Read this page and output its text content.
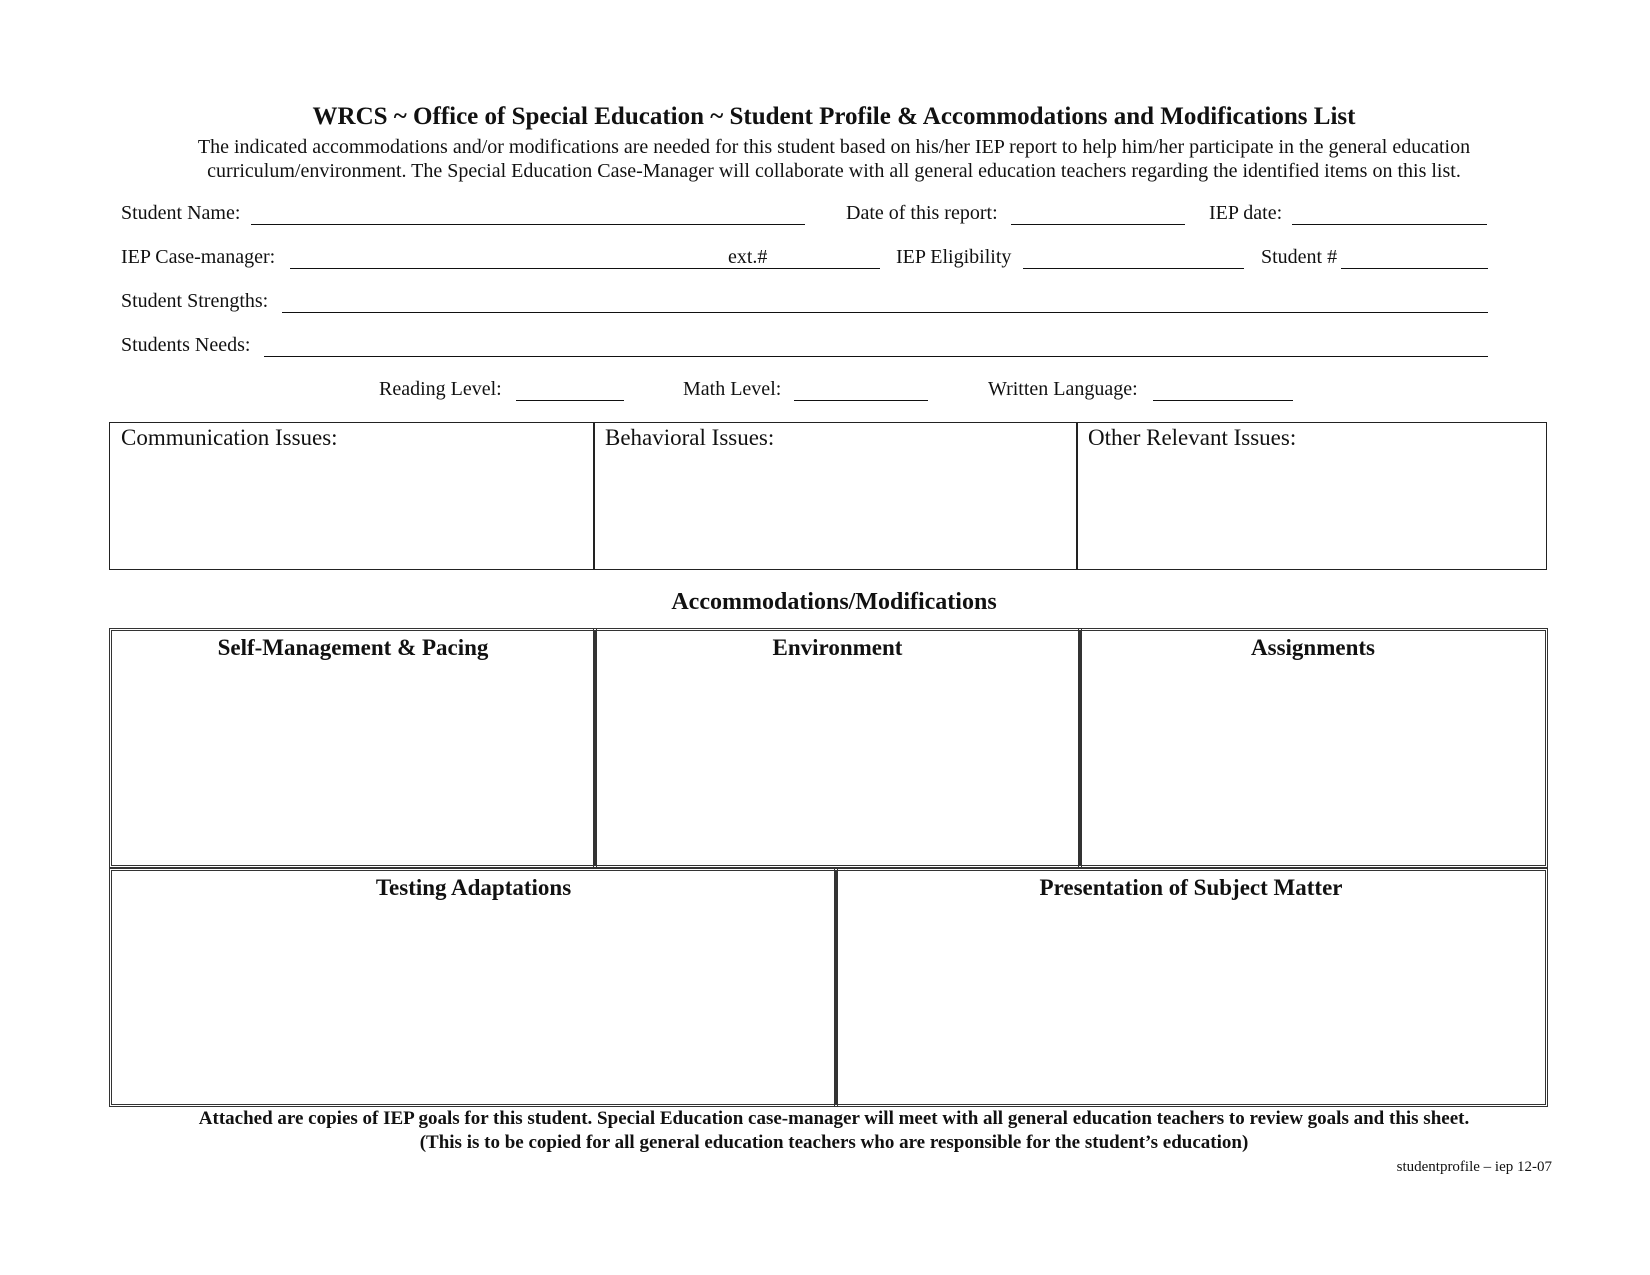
WRCS ~ Office of Special Education ~ Student Profile & Accommodations and Modifications List
The indicated accommodations and/or modifications are needed for this student based on his/her IEP report to help him/her participate in the general education
curriculum/environment. The Special Education Case-Manager will collaborate with all general education teachers regarding the identified items on this list.
Student Name:	Date of this report:	IEP date:
IEP Case-manager:	ext.#	IEP Eligibility	Student #
Student Strengths:
Students Needs:
Reading Level:	Math Level:	Written Language:
Communication Issues:	Behavioral Issues:	Other Relevant Issues:
Accommodations/Modifications
Self-Management & Pacing	Environment	Assignments
Testing Adaptations	Presentation of Subject Matter
Attached are copies of IEP goals for this student. Special Education case-manager will meet with all general education teachers to review goals and this sheet.
(This is to be copied for all general education teachers who are responsible for the student’s education)
studentprofile – iep 12-07
